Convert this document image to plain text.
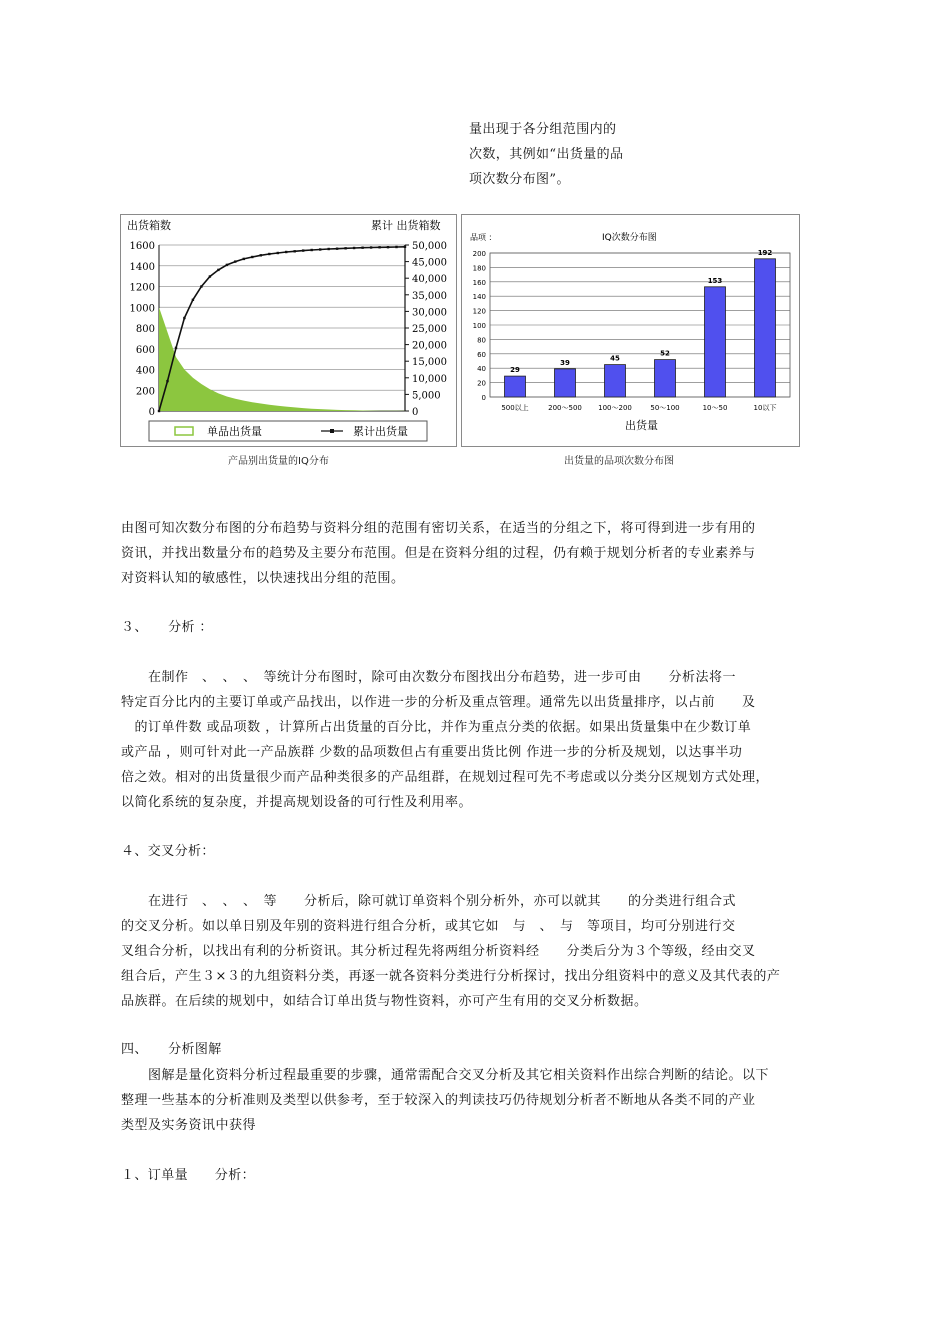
量出现于各分组范围内的
次数，其例如“出货量的品
项次数分布图”。
出货箱数	累计 出货箱数
1600
1400
1200
1000
800
600
400
200
0
50,000
45,000
40,000
35,000
30,000
25,000
20,000
15,000
10,000
5,000
0
单品出货量	累计出货量
产品别出货量的IQ分布
IQ次数分布图
品项 ：
200
180
160
140
120
100
80
60
40
20
0
29
500以上
39
200～500
45
100～200
52
50～100
153
10～50
192
10以下
出货量
出货量的品项次数分布图
由图可知次数分布图的分布趋势与资料分组的范围有密切关系，在适当的分组之下，将可得到进一步有用的
资讯，并找出数量分布的趋势及主要分布范围。但是在资料分组的过程，仍有赖于规划分析者的专业素养与
对资料认知的敏感性，以快速找出分组的范围。
３、　　分析 ：
　　在制作　、　、　、　等统计分布图时，除可由次数分布图找出分布趋势，进一步可由　　分析法将一
特定百分比内的主要订单或产品找出，以作进一步的分析及重点管理。通常先以出货量排序，以占前　　及
　的订单件数 或品项数 ，计算所占出货量的百分比，并作为重点分类的依据。如果出货量集中在少数订单
或产品 ，则可针对此一产品族群 少数的品项数但占有重要出货比例 作进一步的分析及规划，以达事半功
倍之效。相对的出货量很少而产品种类很多的产品组群，在规划过程可先不考虑或以分类分区规划方式处理，
以简化系统的复杂度，并提高规划设备的可行性及利用率。
４、交叉分析：
　　在进行　、　、　、　等　　分析后，除可就订单资料个别分析外，亦可以就其　　的分类进行组合式
的交叉分析。如以单日别及年别的资料进行组合分析，或其它如　与　、　与　等项目，均可分别进行交
叉组合分析，以找出有利的分析资讯。其分析过程先将两组分析资料经　　分类后分为３个等级，经由交叉
组合后，产生３×３的九组资料分类，再逐一就各资料分类进行分析探讨，找出分组资料中的意义及其代表的产
品族群。在后续的规划中，如结合订单出货与物性资料，亦可产生有用的交叉分析数据。
四、　　分析图解
　　图解是量化资料分析过程最重要的步骤，通常需配合交叉分析及其它相关资料作出综合判断的结论。以下
整理一些基本的分析准则及类型以供参考，至于较深入的判读技巧仍待规划分析者不断地从各类不同的产业
类型及实务资讯中获得
１、订单量　　分析：
